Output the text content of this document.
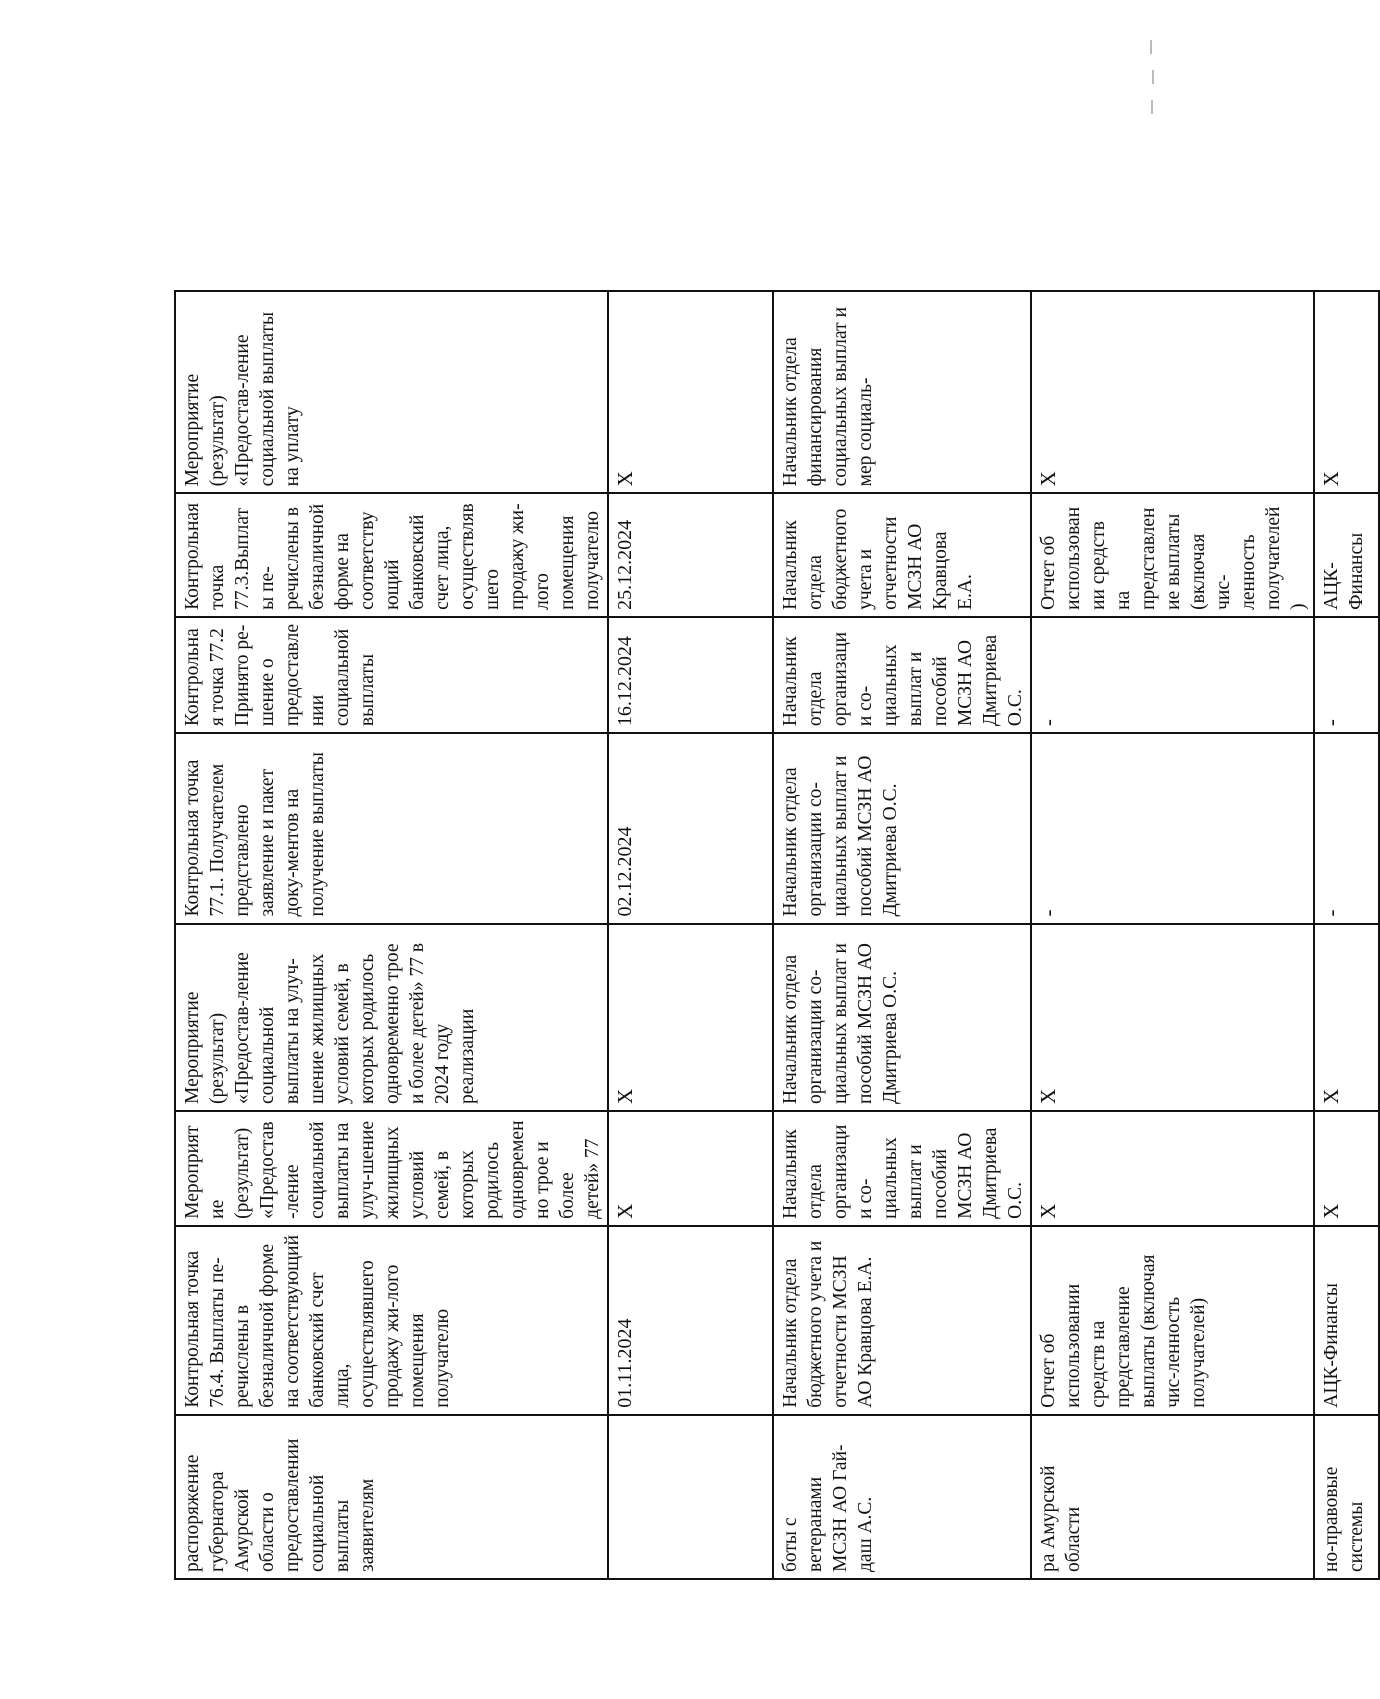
распоряжение губернатора Амурской области о предоставлении социальной выплаты заявителям	Контрольная точка 76.4. Выплаты пе-речислены в безналичной форме на соответствующий банковский счет лица, осуществлявшего продажу жи-лого помещения получателю	Мероприятие (результат) «Предостав-ление социальной выплаты на улуч-шение жилищных условий семей, в которых родилось одновременно трое и более детей» 77	Мероприятие (результат) «Предостав-ление социальной выплаты на улуч-шение жилищных условий семей, в которых родилось одновременно трое и более детей» 77 в 2024 году реализации	Контрольная точка 77.1. Получателем представлено заявление и пакет доку-ментов на получение выплаты	Контрольная точка 77.2 Принято ре-шение о предоставлении социальной выплаты	Контрольная точка 77.3.Выплаты пе-речислены в безналичной форме на соответствующий банковский счет лица, осуществлявшего продажу жи-лого помещения получателю	Мероприятие (результат) «Предостав-ление социальной выплаты на уплату
	01.11.2024	X	X	02.12.2024	16.12.2024	25.12.2024	X
боты с ветеранами МСЗН АО Гай-даш А.С.	Начальник отдела бюджетного учета и отчетности МСЗН АО Кравцова Е.А.	Начальник отдела организации со-циальных выплат и пособий МСЗН АО Дмитриева О.С.	Начальник отдела организации со-циальных выплат и пособий МСЗН АО Дмитриева О.С.	Начальник отдела организации со-циальных выплат и пособий МСЗН АО Дмитриева О.С.	Начальник отдела организации со-циальных выплат и пособий МСЗН АО Дмитриева О.С.	Начальник отдела бюджетного учета и отчетности МСЗН АО Кравцова Е.А.	Начальник отдела финансирования социальных выплат и мер социаль-
ра Амурской области	Отчет об использовании средств на представление выплаты (включая чис-ленность получателей)	X	X	-	-	Отчет об использовании средств на представление выплаты (включая чис-ленность получателей)	X
но-правовые системы	АЦК-Финансы	X	X	-	-	АЦК-Финансы	X
